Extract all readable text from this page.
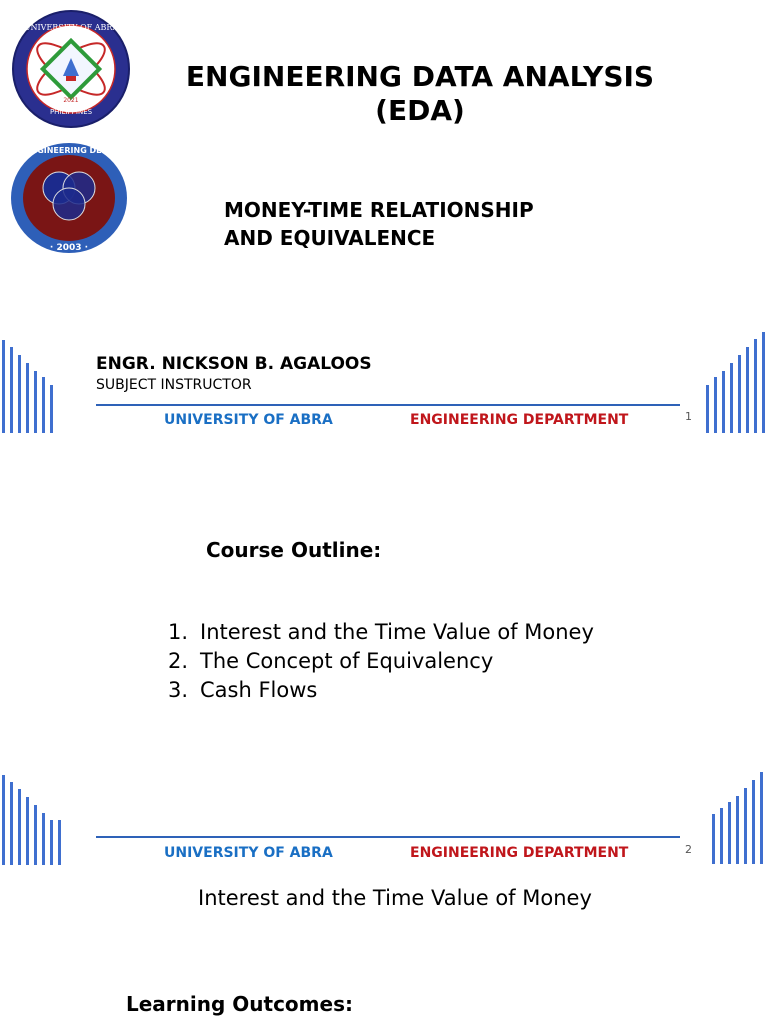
PHILIPPINES
UNIVERSITY OF ABRA
2021
ENGINEERING DEPT
· 2003 ·
ENGINEERING DATA ANALYSIS
(EDA)
MONEY-TIME RELATIONSHIP
AND EQUIVALENCE
ENGR. NICKSON B. AGALOOS
SUBJECT INSTRUCTOR
UNIVERSITY OF ABRA	ENGINEERING DEPARTMENT	1
Course Outline:
1. Interest and the Time Value of Money
2. The Concept of Equivalency
3. Cash Flows
UNIVERSITY OF ABRA	ENGINEERING DEPARTMENT	2
Interest and the Time Value of Money
Learning Outcomes:
